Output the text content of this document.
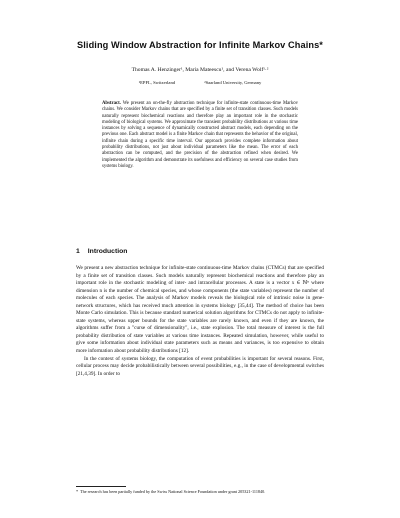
Sliding Window Abstraction for Infinite Markov Chains*
Thomas A. Henzinger¹, Maria Mateescu¹, and Verena Wolf¹·²
¹EPFL, Switzerland	²Saarland University, Germany
Abstract. We present an on-the-fly abstraction technique for infinite-state continuous-time Markov chains. We consider Markov chains that are specified by a finite set of transition classes. Such models naturally represent biochemical reactions and therefore play an important role in the stochastic modeling of biological systems. We approximate the transient probability distributions at various time instances by solving a sequence of dynamically constructed abstract models, each depending on the previous one. Each abstract model is a finite Markov chain that represents the behavior of the original, infinite chain during a specific time interval. Our approach provides complete information about probability distributions, not just about individual parameters like the mean. The error of each abstraction can be computed, and the precision of the abstraction refined when desired. We implemented the algorithm and demonstrate its usefulness and efficiency on several case studies from systems biology.
1 Introduction

We present a new abstraction technique for infinite-state continuous-time Markov chains (CTMCs) that are specified by a finite set of transition classes. Such models naturally represent biochemical reactions and therefore play an important role in the stochastic modeling of inter- and intracellular processes. A state is a vector x ∈ ℕⁿ where dimension n is the number of chemical species, and whose components (the state variables) represent the number of molecules of each species. The analysis of Markov models reveals the biological role of intrinsic noise in gene-network structures, which has received much attention in systems biology [35,44]. The method of choice has been Monte Carlo simulation. This is because standard numerical solution algorithms for CTMCs do not apply to infinite-state systems, whereas upper bounds for the state variables are rarely known, and even if they are known, the algorithms suffer from a "curse of dimensionality", i.e., state explosion. The total measure of interest is the full probability distribution of state variables at various time instances. Repeated simulation, however, while useful to give some information about individual state parameters such as means and variances, is too expensive to obtain more information about probability distributions [12].

In the context of systems biology, the computation of event probabilities is important for several reasons. First, cellular process may decide probabilistically between several possibilities, e.g., in the case of developmental switches [21,4,39]. In order to

* The research has been partially funded by the Swiss National Science Foundation under grant 205321-111840.
